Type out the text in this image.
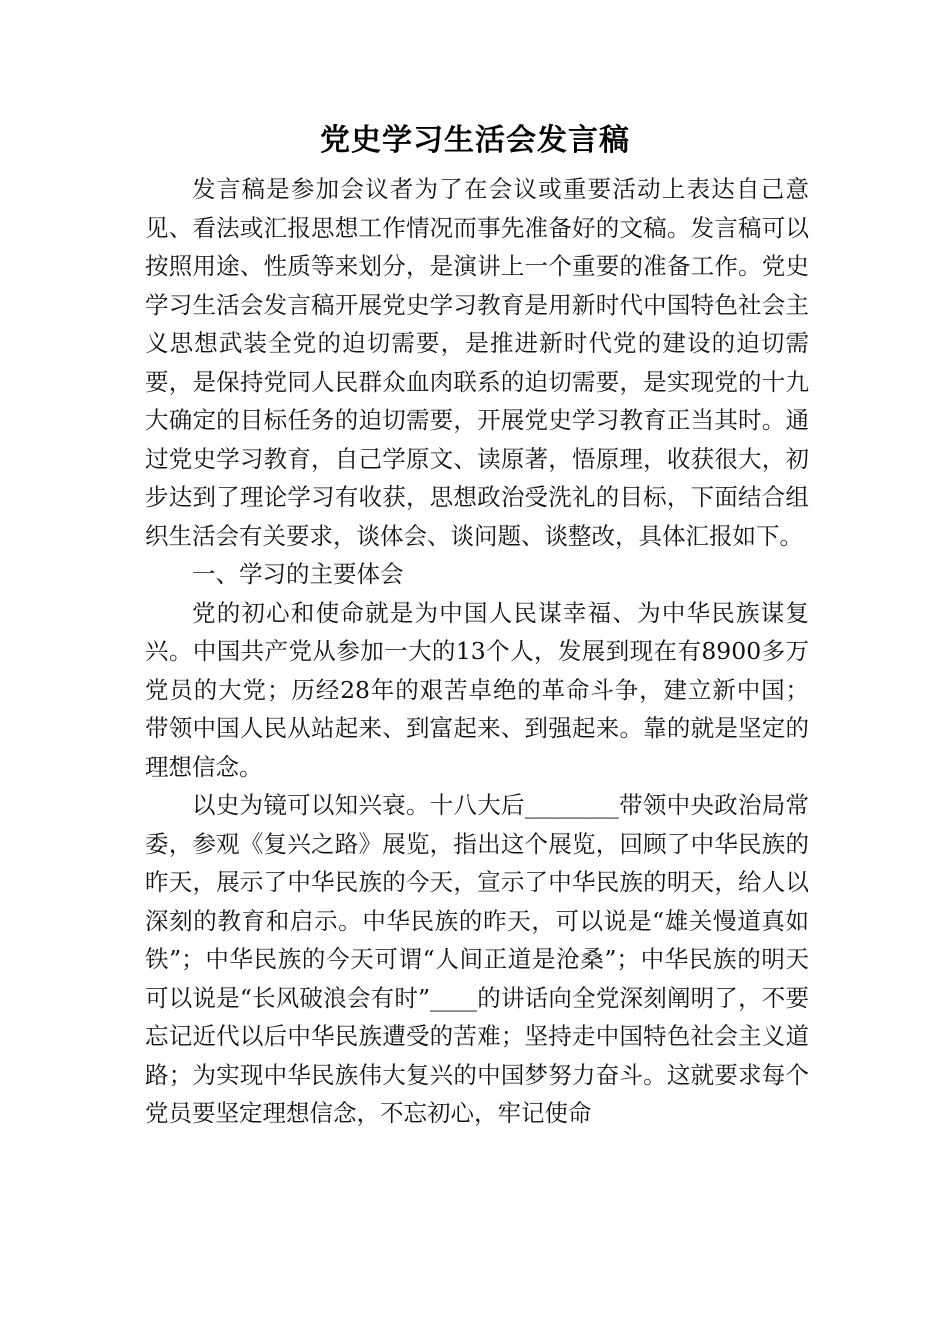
党史学习生活会发言稿

发言稿是参加会议者为了在会议或重要活动上表达自己意见、看法或汇报思想工作情况而事先准备好的文稿。发言稿可以按照用途、性质等来划分，是演讲上一个重要的准备工作。党史学习生活会发言稿开展党史学习教育是用新时代中国特色社会主义思想武装全党的迫切需要，是推进新时代党的建设的迫切需要，是保持党同人民群众血肉联系的迫切需要，是实现党的十九大确定的目标任务的迫切需要，开展党史学习教育正当其时。通过党史学习教育，自己学原文、读原著，悟原理，收获很大，初步达到了理论学习有收获，思想政治受洗礼的目标，下面结合组织生活会有关要求，谈体会、谈问题、谈整改，具体汇报如下。

一、学习的主要体会

党的初心和使命就是为中国人民谋幸福、为中华民族谋复兴。中国共产党从参加一大的13个人，发展到现在有8900多万党员的大党；历经28年的艰苦卓绝的革命斗争，建立新中国；带领中国人民从站起来、到富起来、到强起来。靠的就是坚定的理想信念。

以史为镜可以知兴衰。十八大后________带领中央政治局常委，参观《复兴之路》展览，指出这个展览，回顾了中华民族的昨天，展示了中华民族的今天，宣示了中华民族的明天，给人以深刻的教育和启示。中华民族的昨天，可以说是“雄关慢道真如铁”；中华民族的今天可谓“人间正道是沧桑”；中华民族的明天可以说是“长风破浪会有时”____的讲话向全党深刻阐明了，不要忘记近代以后中华民族遭受的苦难；坚持走中国特色社会主义道路；为实现中华民族伟大复兴的中国梦努力奋斗。这就要求每个党员要坚定理想信念，不忘初心，牢记使命
